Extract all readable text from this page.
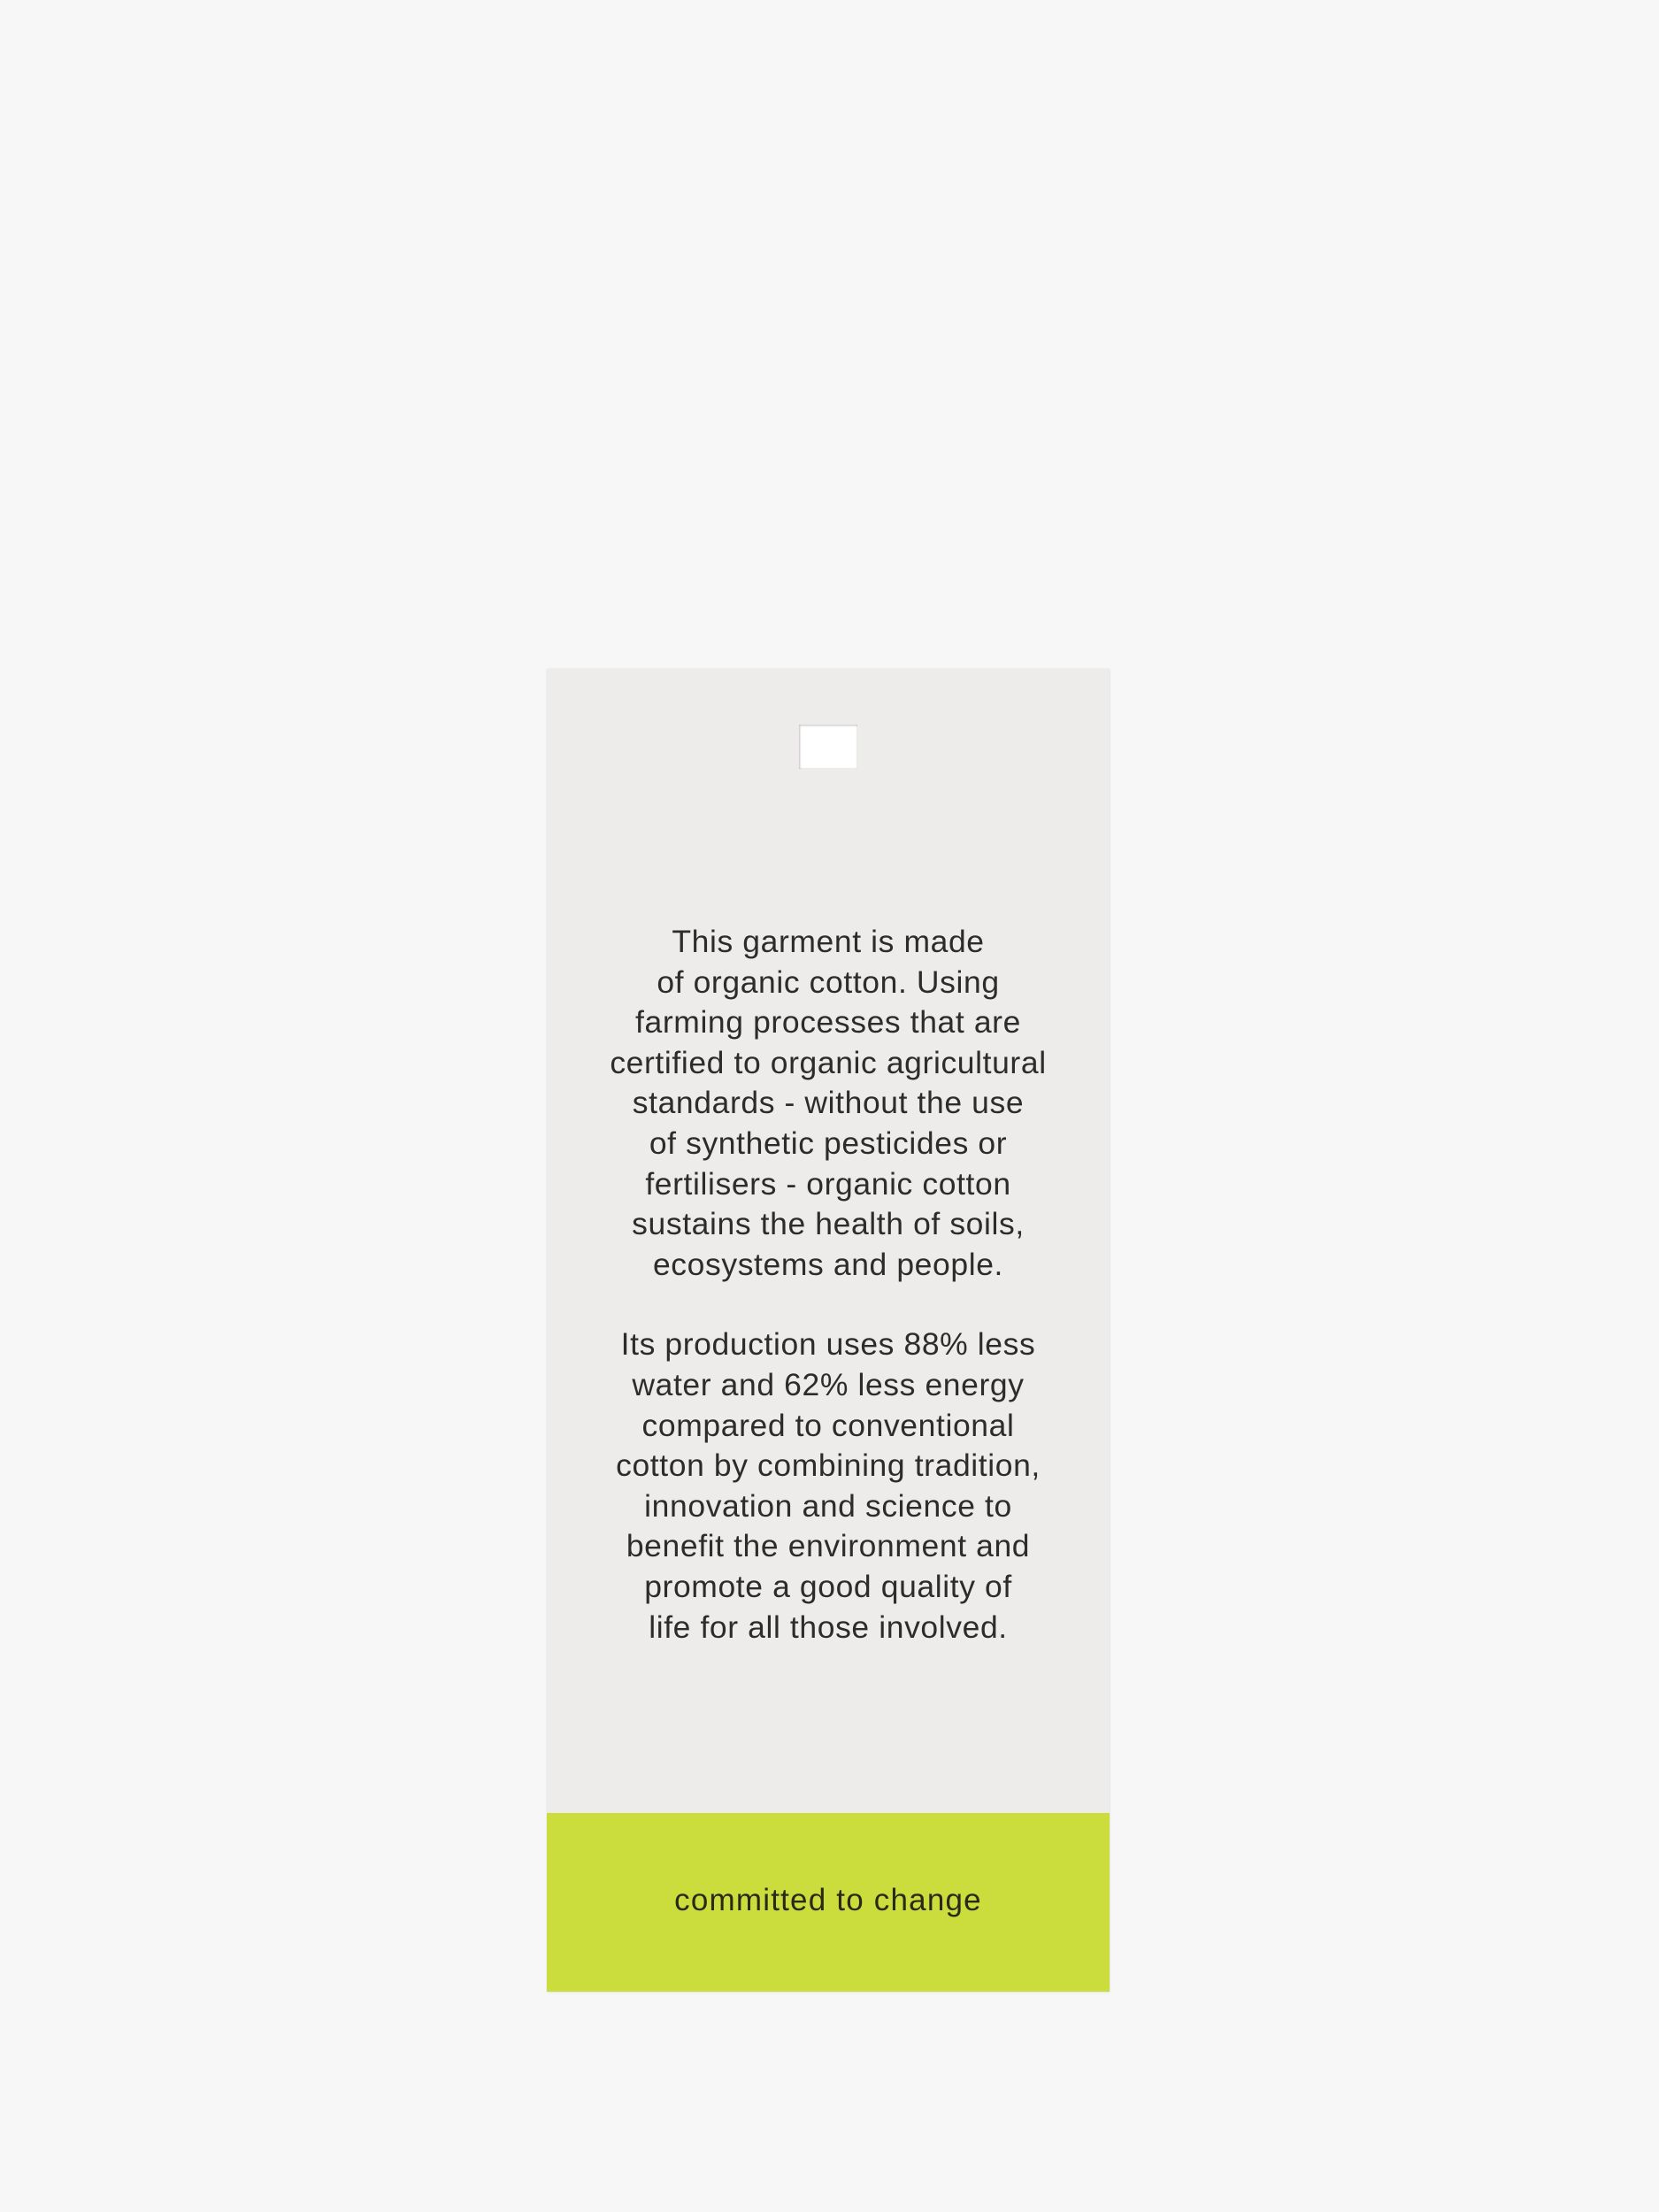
This garment is made
of organic cotton. Using
farming processes that are
certified to organic agricultural
standards - without the use
of synthetic pesticides or
fertilisers - organic cotton
sustains the health of soils,
ecosystems and people.

Its production uses 88% less
water and 62% less energy
compared to conventional
cotton by combining tradition,
innovation and science to
benefit the environment and
promote a good quality of
life for all those involved.

committed to change
